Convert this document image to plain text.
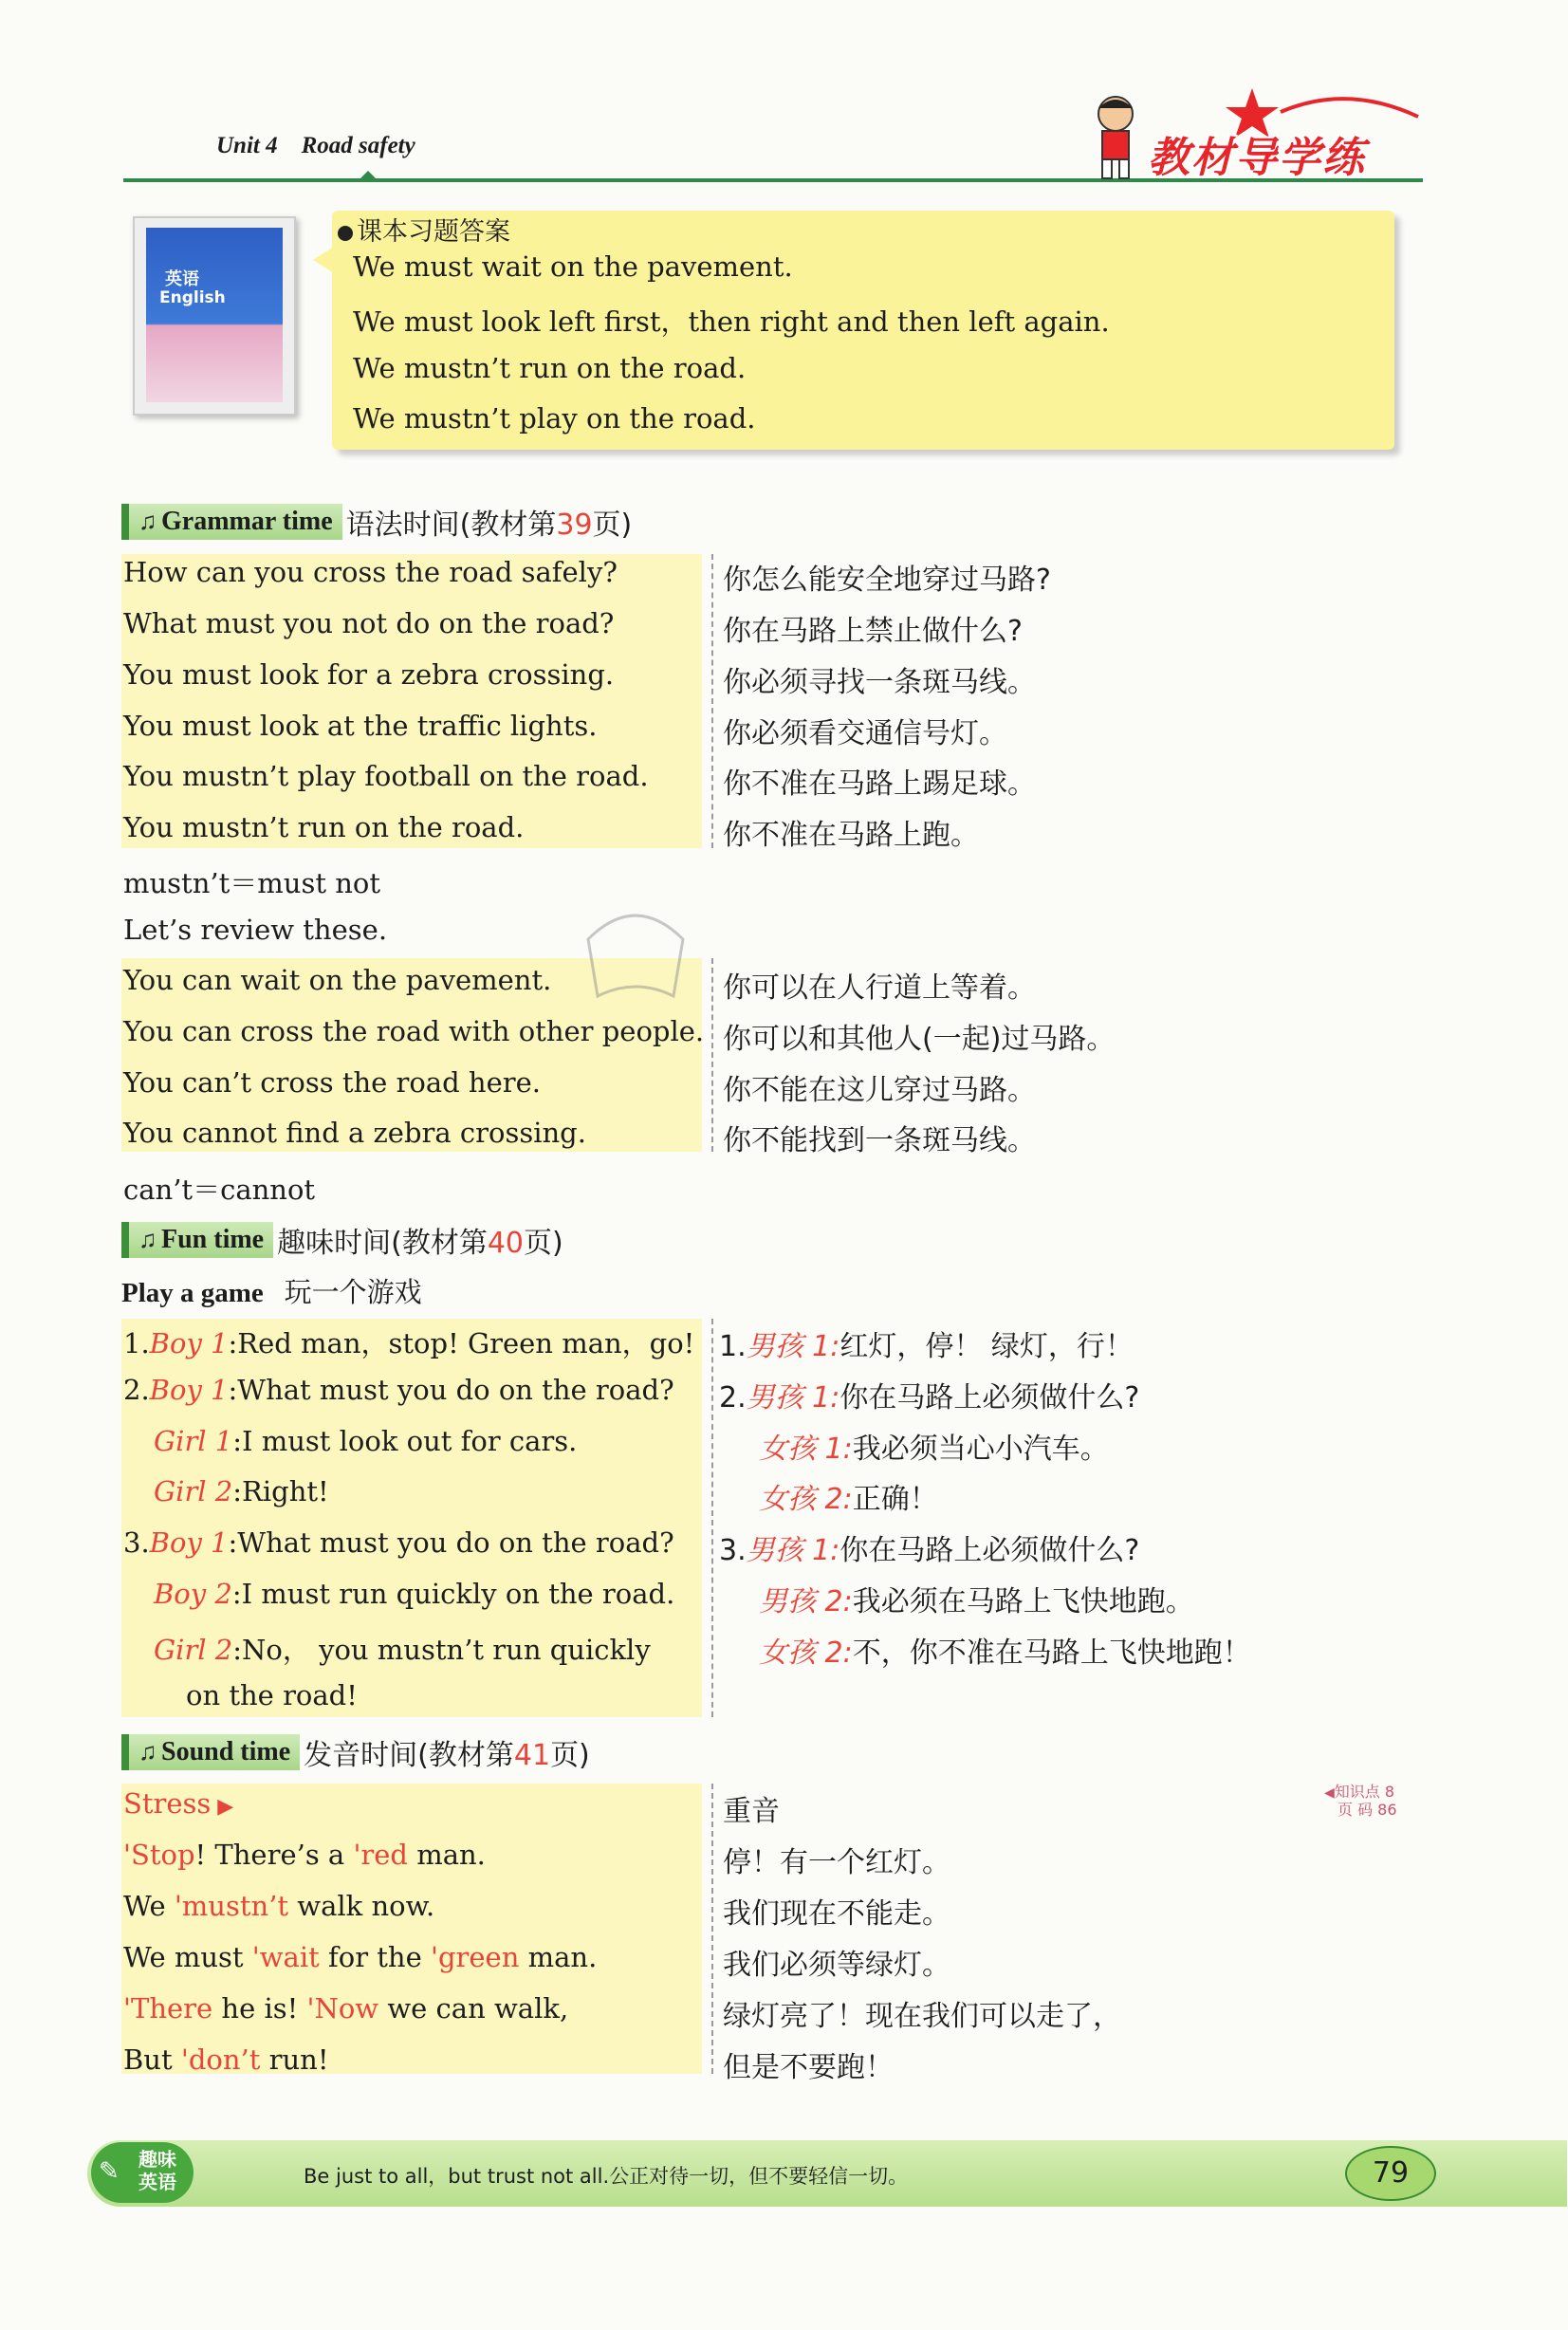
Unit 4 Road safety	教材导学练
英语
English
课本习题答案
We must wait on the pavement.
We must look left first，then right and then left again.
We mustn’t run on the road.
We mustn’t play on the road.
♫ Grammar time 语法时间(教材第39页)
How can you cross the road safely?	你怎么能安全地穿过马路?
What must you not do on the road?	你在马路上禁止做什么?
You must look for a zebra crossing.	你必须寻找一条斑马线。
You must look at the traffic lights.	你必须看交通信号灯。
You mustn’t play football on the road.	你不准在马路上踢足球。
You mustn’t run on the road.	你不准在马路上跑。
mustn’t＝must not
Let’s review these.
You can wait on the pavement.	你可以在人行道上等着。
You can cross the road with other people. 你可以和其他人(一起)过马路。
You can’t cross the road here.	你不能在这儿穿过马路。
You cannot find a zebra crossing.	你不能找到一条斑马线。
can’t＝cannot
♫ Fun time 趣味时间(教材第40页)
Play a game 玩一个游戏
1.Boy 1:Red man，stop! Green man，go! 1.男孩 1:红灯，停！ 绿灯，行！
2.Boy 1:What must you do on the road? 2.男孩 1:你在马路上必须做什么?
Girl 1:I must look out for cars.	女孩 1:我必须当心小汽车。
Girl 2:Right!	女孩 2:正确！
3.Boy 1:What must you do on the road? 3.男孩 1:你在马路上必须做什么?
Boy 2:I must run quickly on the road.	男孩 2:我必须在马路上飞快地跑。
Girl 2:No， you mustn’t run quickly	女孩 2:不，你不准在马路上飞快地跑！
on the road!
♫ Sound time 发音时间(教材第41页)
Stress ▶	重音
'Stop! There’s a 'red man.	停！有一个红灯。
We 'mustn’t walk now.	我们现在不能走。
We must 'wait for the 'green man.	我们必须等绿灯。
'There he is! 'Now we can walk,	绿灯亮了！现在我们可以走了，
But 'don’t run!	但是不要跑！
◀知识点 8
页 码 86
✎ 趣味
英语	Be just to all，but trust not all.公正对待一切，但不要轻信一切。	79
